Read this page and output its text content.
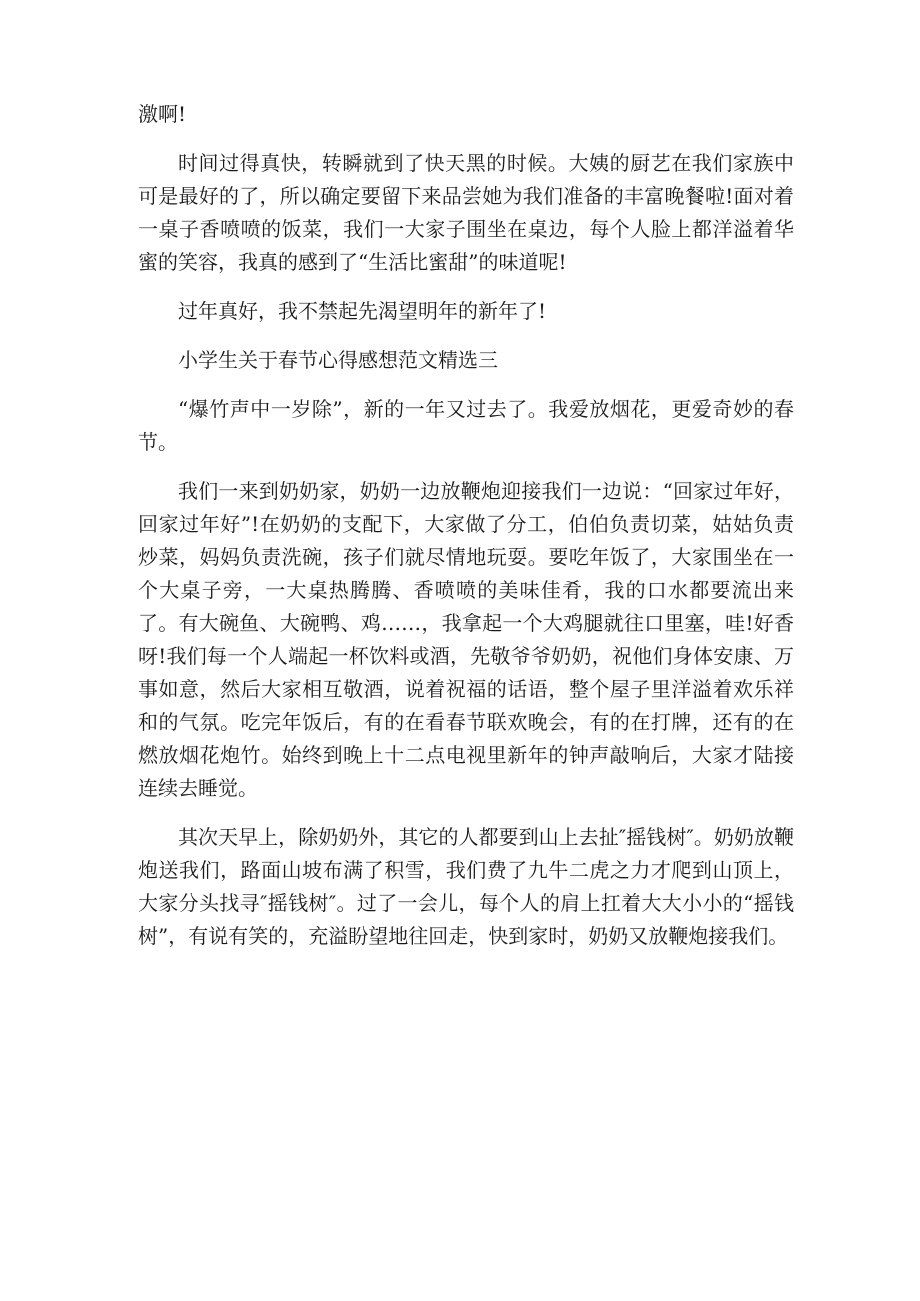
激啊!

时间过得真快，转瞬就到了快天黑的时候。大姨的厨艺在我们家族中可是最好的了，所以确定要留下来品尝她为我们准备的丰富晚餐啦!面对着一桌子香喷喷的饭菜，我们一大家子围坐在桌边，每个人脸上都洋溢着华蜜的笑容，我真的感到了“生活比蜜甜”的味道呢!

过年真好，我不禁起先渴望明年的新年了!

小学生关于春节心得感想范文精选三

“爆竹声中一岁除”，新的一年又过去了。我爱放烟花，更爱奇妙的春节。

我们一来到奶奶家，奶奶一边放鞭炮迎接我们一边说：“回家过年好，回家过年好”!在奶奶的支配下，大家做了分工，伯伯负责切菜，姑姑负责炒菜，妈妈负责洗碗，孩子们就尽情地玩耍。要吃年饭了，大家围坐在一个大桌子旁，一大桌热腾腾、香喷喷的美味佳肴，我的口水都要流出来了。有大碗鱼、大碗鸭、鸡……，我拿起一个大鸡腿就往口里塞，哇!好香呀!我们每一个人端起一杯饮料或酒，先敬爷爷奶奶，祝他们身体安康、万事如意，然后大家相互敬酒，说着祝福的话语，整个屋子里洋溢着欢乐祥和的气氛。吃完年饭后，有的在看春节联欢晚会，有的在打牌，还有的在燃放烟花炮竹。始终到晚上十二点电视里新年的钟声敲响后，大家才陆接连续去睡觉。

其次天早上，除奶奶外，其它的人都要到山上去扯″摇钱树″。奶奶放鞭炮送我们，路面山坡布满了积雪，我们费了九牛二虎之力才爬到山顶上，大家分头找寻″摇钱树″。过了一会儿，每个人的肩上扛着大大小小的“摇钱树”，有说有笑的，充溢盼望地往回走，快到家时，奶奶又放鞭炮接我们。
